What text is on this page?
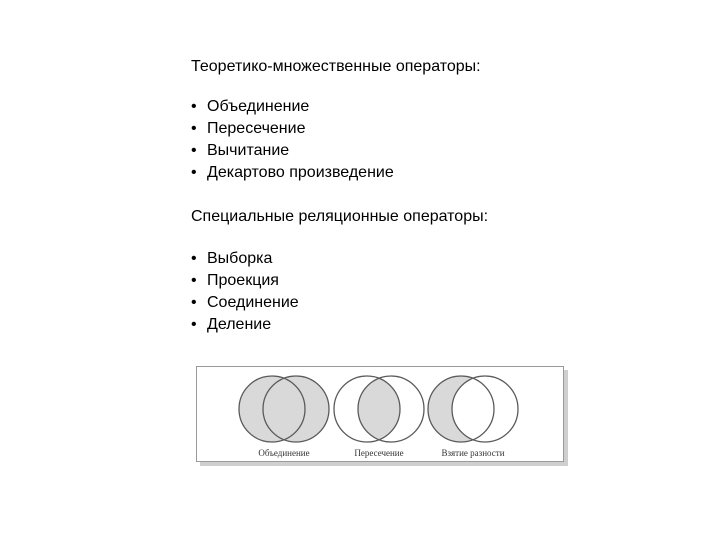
Теоретико-множественные операторы:
• Объединение
• Пересечение
• Вычитание
• Декартово произведение
Специальные реляционные операторы:
• Выборка
• Проекция
• Соединение
• Деление
Объединение	Пересечение	Взятие разности
